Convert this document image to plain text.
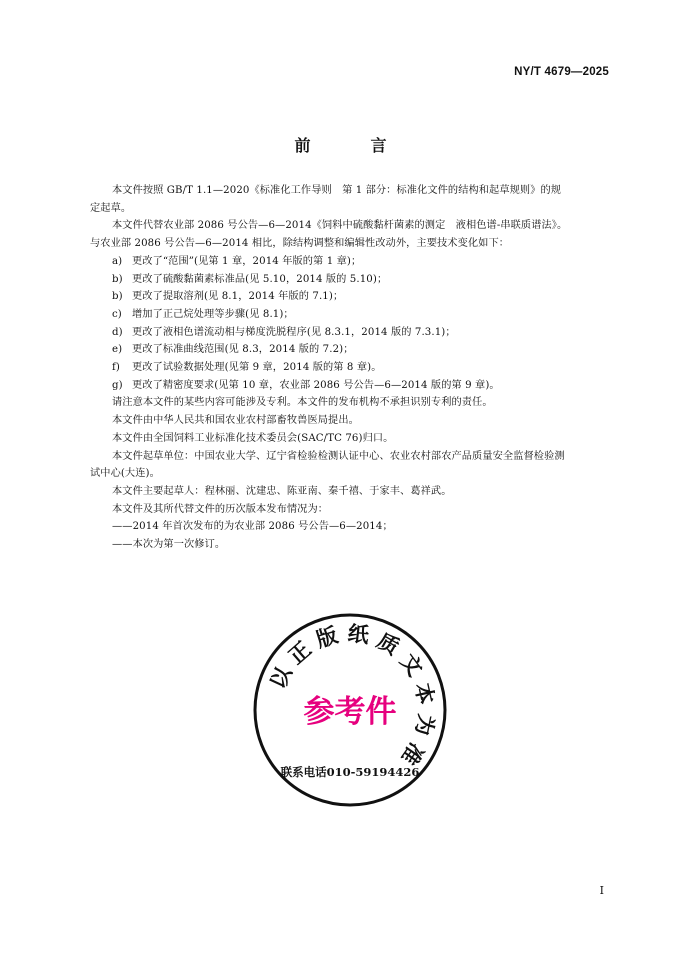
NY/T 4679—2025
前　言

本文件按照 GB/T 1.1—2020《标准化工作导则　第 1 部分：标准化文件的结构和起草规则》的规

定起草。

本文件代替农业部 2086 号公告—6—2014《饲料中硫酸黏杆菌素的测定　液相色谱-串联质谱法》。

与农业部 2086 号公告—6—2014 相比，除结构调整和编辑性改动外，主要技术变化如下：

a) 更改了“范围”(见第 1 章，2014 年版的第 1 章)；

b) 更改了硫酸黏菌素标准品(见 5.10，2014 版的 5.10)；

b) 更改了提取溶剂(见 8.1，2014 年版的 7.1)；

c) 增加了正己烷处理等步骤(见 8.1)；

d) 更改了液相色谱流动相与梯度洗脱程序(见 8.3.1，2014 版的 7.3.1)；

e) 更改了标准曲线范围(见 8.3，2014 版的 7.2)；

f) 更改了试验数据处理(见第 9 章，2014 版的第 8 章)。

g) 更改了精密度要求(见第 10 章，农业部 2086 号公告—6—2014 版的第 9 章)。

请注意本文件的某些内容可能涉及专利。本文件的发布机构不承担识别专利的责任。

本文件由中华人民共和国农业农村部畜牧兽医局提出。

本文件由全国饲料工业标准化技术委员会(SAC/TC 76)归口。

本文件起草单位：中国农业大学、辽宁省检验检测认证中心、农业农村部农产品质量安全监督检验测

试中心(大连)。

本文件主要起草人：程林丽、沈建忠、陈亚南、秦千禧、于家丰、葛祥武。

本文件及其所代替文件的历次版本发布情况为：

——2014 年首次发布的为农业部 2086 号公告—6—2014；

——本次为第一次修订。

以
正
版 纸 质
文
本
为
准
参考件
联系电话010-59194426
I
